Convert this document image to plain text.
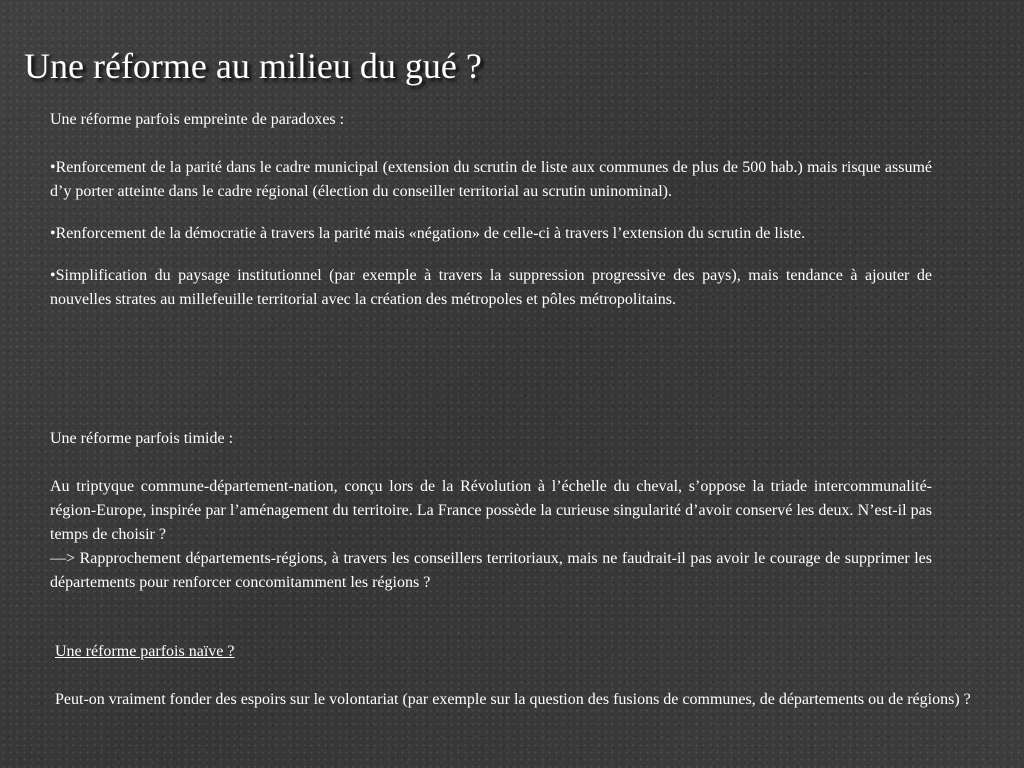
Une réforme au milieu du gué ?

Une réforme parfois empreinte de paradoxes :

•Renforcement de la parité dans le cadre municipal (extension du scrutin de liste aux communes de plus de 500 hab.) mais risque assumé d’y porter atteinte dans le cadre régional (élection du conseiller territorial au scrutin uninominal).

•Renforcement de la démocratie à travers la parité mais «négation» de celle-ci à travers l’extension du scrutin de liste.

•Simplification du paysage institutionnel (par exemple à travers la suppression progressive des pays), mais tendance à ajouter de nouvelles strates au millefeuille territorial avec la création des métropoles et pôles métropolitains.

Une réforme parfois timide :

Au triptyque commune-département-nation, conçu lors de la Révolution à l’échelle du cheval, s’oppose la triade intercommunalité-région-Europe, inspirée par l’aménagement du territoire. La France possède la curieuse singularité d’avoir conservé les deux. N’est-il pas temps de choisir ?

—> Rapprochement départements-régions, à travers les conseillers territoriaux, mais ne faudrait-il pas avoir le courage de supprimer les départements pour renforcer concomitamment les régions ?

Une réforme parfois naïve ?

Peut-on vraiment fonder des espoirs sur le volontariat (par exemple sur la question des fusions de communes, de départements ou de régions) ?
